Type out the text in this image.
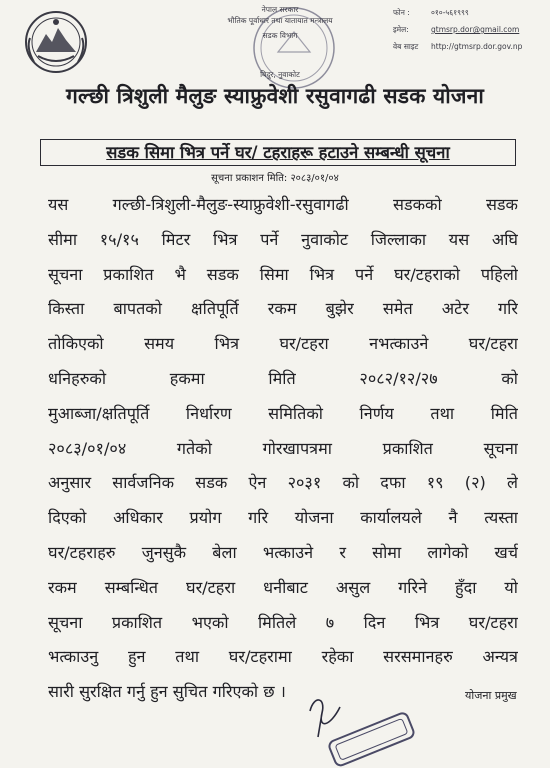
नेपाल सरकार
भौतिक पूर्वाधार तथा यातायात मन्त्रालय
सडक विभाग
बिदुर, नुवाकोट
फोन :	०१०-५६१९९९
इमेल:	gtmsrp.dor@gmail.com
वेब साइट	http://gtmsrp.dor.gov.np
गल्छी त्रिशुली मैलुङ स्याफ्रुवेशी रसुवागढी सडक योजना
सडक सिमा भित्र पर्ने घर/ टहराहरू हटाउने सम्बन्धी सूचना
सूचना प्रकाशन मिति: २०८३/०१/०४
यस गल्छी-त्रिशुली-मैलुङ-स्याफ्रुवेशी-रसुवागढी सडकको सडक
सीमा १५/१५ मिटर भित्र पर्ने नुवाकोट जिल्लाका यस अघि
सूचना प्रकाशित भै सडक सिमा भित्र पर्ने घर/टहराको पहिलो
किस्ता बापतको क्षतिपूर्ति रकम बुझेर समेत अटेर गरि
तोकिएको समय भित्र घर/टहरा नभत्काउने घर/टहरा
धनिहरुको हकमा मिति २०८२/१२/२७ को
मुआब्जा/क्षतिपूर्ति निर्धारण समितिको निर्णय तथा मिति
२०८३/०१/०४ गतेको गोरखापत्रमा प्रकाशित सूचना
अनुसार सार्वजनिक सडक ऐन २०३१ को दफा १९ (२) ले
दिएको अधिकार प्रयोग गरि योजना कार्यालयले नै त्यस्ता
घर/टहराहरु जुनसुकै बेला भत्काउने र सोमा लागेको खर्च
रकम सम्बन्धित घर/टहरा धनीबाट असुल गरिने हुँदा यो
सूचना प्रकाशित भएको मितिले ७ दिन भित्र घर/टहरा
भत्काउनु हुन तथा घर/टहरामा रहेका सरसमानहरु अन्यत्र
सारी सुरक्षित गर्नु हुन सुचित गरिएको छ ।	योजना प्रमुख
